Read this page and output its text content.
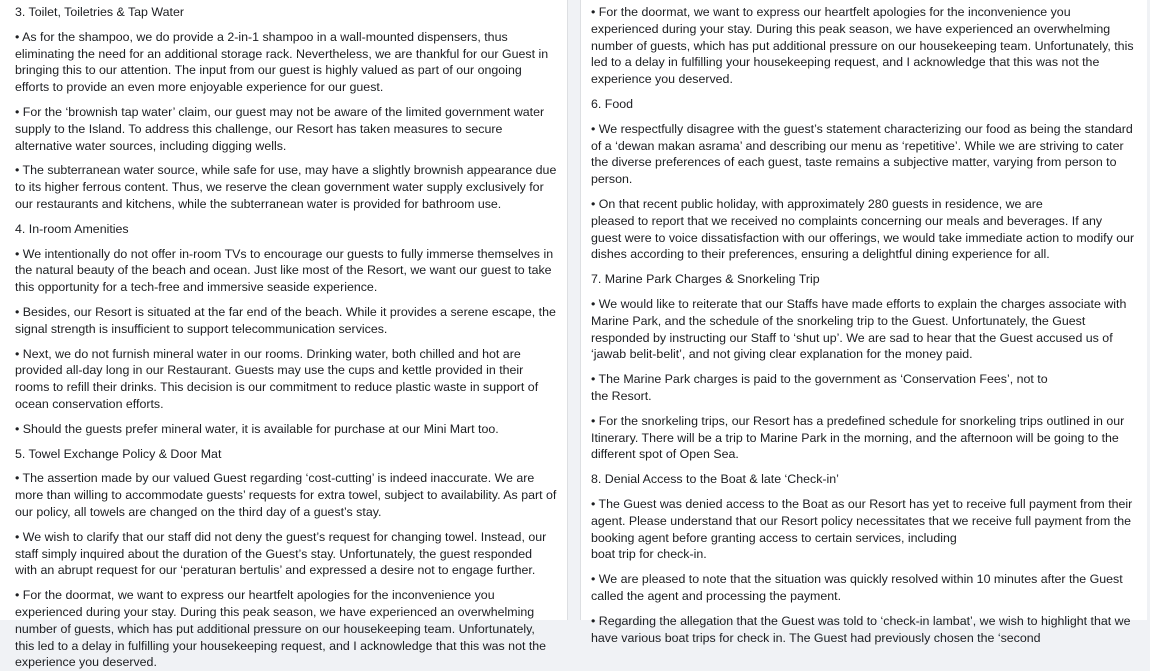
3. Toilet, Toiletries & Tap Water

• As for the shampoo, we do provide a 2-in-1 shampoo in a wall-mounted dispensers, thus eliminating the need for an additional storage rack. Nevertheless, we are thankful for our Guest in bringing this to our attention. The input from our guest is highly valued as part of our ongoing efforts to provide an even more enjoyable experience for our guest.

• For the ‘brownish tap water’ claim, our guest may not be aware of the limited government water supply to the Island. To address this challenge, our Resort has taken measures to secure alternative water sources, including digging wells.

• The subterranean water source, while safe for use, may have a slightly brownish appearance due to its higher ferrous content. Thus, we reserve the clean government water supply exclusively for our restaurants and kitchens, while the subterranean water is provided for bathroom use.

4. In-room Amenities

• We intentionally do not offer in-room TVs to encourage our guests to fully immerse themselves in the natural beauty of the beach and ocean. Just like most of the Resort, we want our guest to take this opportunity for a tech-free and immersive seaside experience.

• Besides, our Resort is situated at the far end of the beach. While it provides a serene escape, the signal strength is insufficient to support telecommunication services.

• Next, we do not furnish mineral water in our rooms. Drinking water, both chilled and hot are provided all-day long in our Restaurant. Guests may use the cups and kettle provided in their rooms to refill their drinks. This decision is our commitment to reduce plastic waste in support of ocean conservation efforts.

• Should the guests prefer mineral water, it is available for purchase at our Mini Mart too.

5. Towel Exchange Policy & Door Mat

• The assertion made by our valued Guest regarding ‘cost-cutting’ is indeed inaccurate. We are more than willing to accommodate guests’ requests for extra towel, subject to availability. As part of our policy, all towels are changed on the third day of a guest’s stay.

• We wish to clarify that our staff did not deny the guest’s request for changing towel. Instead, our staff simply inquired about the duration of the Guest’s stay. Unfortunately, the guest responded with an abrupt request for our ‘peraturan bertulis’ and expressed a desire not to engage further.

• For the doormat, we want to express our heartfelt apologies for the inconvenience you experienced during your stay. During this peak season, we have experienced an overwhelming number of guests, which has put additional pressure on our housekeeping team. Unfortunately, this led to a delay in fulfilling your housekeeping request, and I acknowledge that this was not the experience you deserved.

• For the doormat, we want to express our heartfelt apologies for the inconvenience you experienced during your stay. During this peak season, we have experienced an overwhelming number of guests, which has put additional pressure on our housekeeping team. Unfortunately, this led to a delay in fulfilling your housekeeping request, and I acknowledge that this was not the experience you deserved.

6. Food

• We respectfully disagree with the guest’s statement characterizing our food as being the standard of a ‘dewan makan asrama’ and describing our menu as ‘repetitive’. While we are striving to cater the diverse preferences of each guest, taste remains a subjective matter, varying from person to person.

• On that recent public holiday, with approximately 280 guests in residence, we are

pleased to report that we received no complaints concerning our meals and beverages. If any guest were to voice dissatisfaction with our offerings, we would take immediate action to modify our dishes according to their preferences, ensuring a delightful dining experience for all.

7. Marine Park Charges & Snorkeling Trip

• We would like to reiterate that our Staffs have made efforts to explain the charges associate with Marine Park, and the schedule of the snorkeling trip to the Guest. Unfortunately, the Guest responded by instructing our Staff to ‘shut up’. We are sad to hear that the Guest accused us of ‘jawab belit-belit’, and not giving clear explanation for the money paid.

• The Marine Park charges is paid to the government as ‘Conservation Fees’, not to

the Resort.

• For the snorkeling trips, our Resort has a predefined schedule for snorkeling trips outlined in our Itinerary. There will be a trip to Marine Park in the morning, and the afternoon will be going to the different spot of Open Sea.

8. Denial Access to the Boat & late ‘Check-in’

• The Guest was denied access to the Boat as our Resort has yet to receive full payment from their agent. Please understand that our Resort policy necessitates that we receive full payment from the booking agent before granting access to certain services, including

boat trip for check-in.

• We are pleased to note that the situation was quickly resolved within 10 minutes after the Guest called the agent and processing the payment.

• Regarding the allegation that the Guest was told to ‘check-in lambat’, we wish to highlight that we have various boat trips for check in. The Guest had previously chosen the ‘second
